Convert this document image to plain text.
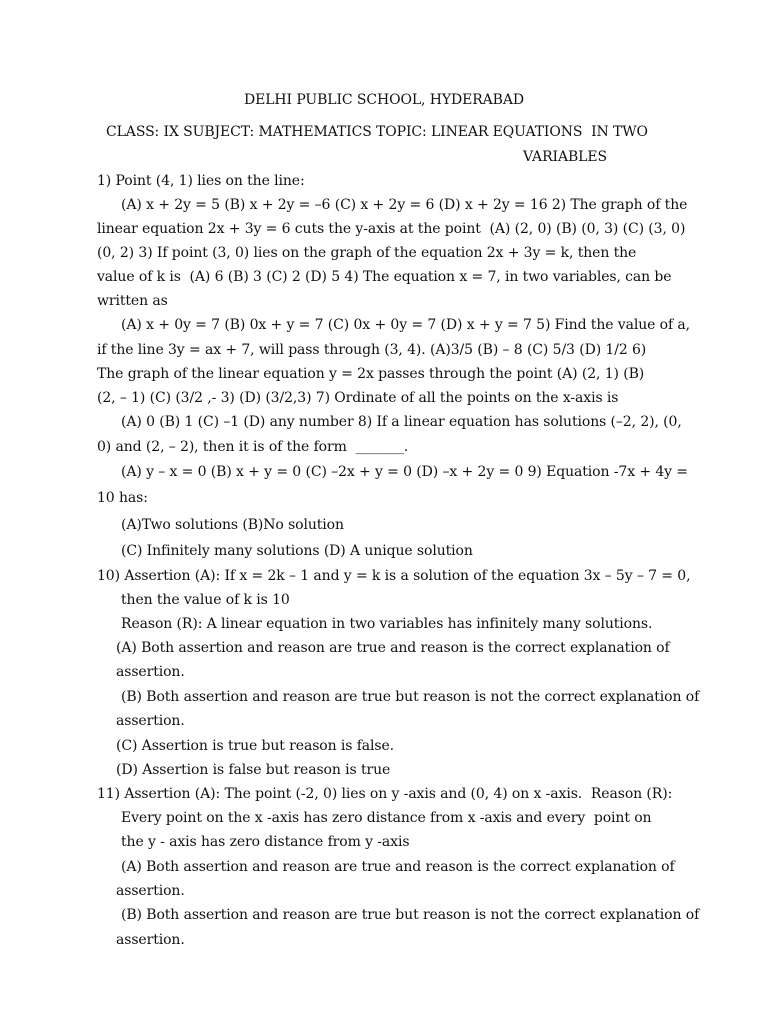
DELHI PUBLIC SCHOOL, HYDERABAD
CLASS: IX SUBJECT: MATHEMATICS TOPIC: LINEAR EQUATIONS  IN TWO
VARIABLES
1) Point (4, 1) lies on the line:
(A) x + 2y = 5 (B) x + 2y = –6 (C) x + 2y = 6 (D) x + 2y = 16 2) The graph of the
linear equation 2x + 3y = 6 cuts the y-axis at the point  (A) (2, 0) (B) (0, 3) (C) (3, 0)
(0, 2) 3) If point (3, 0) lies on the graph of the equation 2x + 3y = k, then the
value of k is  (A) 6 (B) 3 (C) 2 (D) 5 4) The equation x = 7, in two variables, can be
written as
(A) x + 0y = 7 (B) 0x + y = 7 (C) 0x + 0y = 7 (D) x + y = 7 5) Find the value of a,
if the line 3y = ax + 7, will pass through (3, 4). (A)3/5 (B) – 8 (C) 5/3 (D) 1/2 6)
The graph of the linear equation y = 2x passes through the point (A) (2, 1) (B)
(2, – 1) (C) (3/2 ,- 3) (D) (3/2,3) 7) Ordinate of all the points on the x-axis is
(A) 0 (B) 1 (C) –1 (D) any number 8) If a linear equation has solutions (–2, 2), (0,
0) and (2, – 2), then it is of the form  _______.
(A) y – x = 0 (B) x + y = 0 (C) –2x + y = 0 (D) –x + 2y = 0 9) Equation -7x + 4y =
10 has:
(A)Two solutions (B)No solution
(C) Infinitely many solutions (D) A unique solution
10) Assertion (A): If x = 2k – 1 and y = k is a solution of the equation 3x – 5y – 7 = 0,
then the value of k is 10
Reason (R): A linear equation in two variables has infinitely many solutions.
(A) Both assertion and reason are true and reason is the correct explanation of
assertion.
(B) Both assertion and reason are true but reason is not the correct explanation of
assertion.
(C) Assertion is true but reason is false.
(D) Assertion is false but reason is true
11) Assertion (A): The point (-2, 0) lies on y -axis and (0, 4) on x -axis.  Reason (R):
Every point on the x -axis has zero distance from x -axis and every  point on
the y - axis has zero distance from y -axis
(A) Both assertion and reason are true and reason is the correct explanation of
assertion.
(B) Both assertion and reason are true but reason is not the correct explanation of
assertion.
